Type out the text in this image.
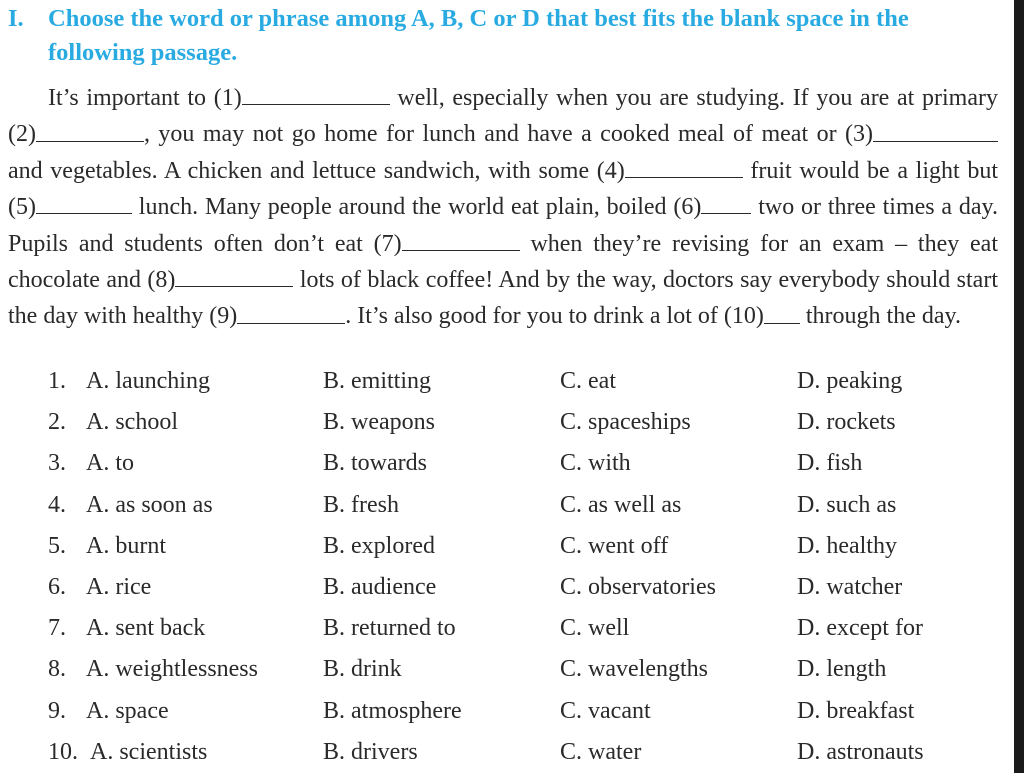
I. Choose the word or phrase among A, B, C or D that best fits the blank space in the following passage.

It’s important to (1)	well, especially when you are studying. If you are at primary (2)	, you may not go home for lunch and have a cooked meal of meat or (3) and vegetables. A chicken and lettuce sandwich, with some (4)	fruit would be a light but (5)	lunch. Many people around the world eat plain, boiled (6) two or three times a day. Pupils and students often don’t eat (7)	when they’re revising for an exam – they eat chocolate and (8)	lots of black coffee! And by the way, doctors say everybody should start the day with healthy (9)	. It’s also good for you to drink a lot of (10) through the day.

1. A. launching	B. emitting	C. eat	D. peaking
2. A. school	B. weapons	C. spaceships	D. rockets
3. A. to	B. towards	C. with	D. fish
4. A. as soon as	B. fresh	C. as well as	D. such as
5. A. burnt	B. explored	C. went off	D. healthy
6. A. rice	B. audience	C. observatories	D. watcher
7. A. sent back	B. returned to	C. well	D. except for
8. A. weightlessness	B. drink	C. wavelengths	D. length
9. A. space	B. atmosphere	C. vacant	D. breakfast
10. A. scientists	B. drivers	C. water	D. astronauts
